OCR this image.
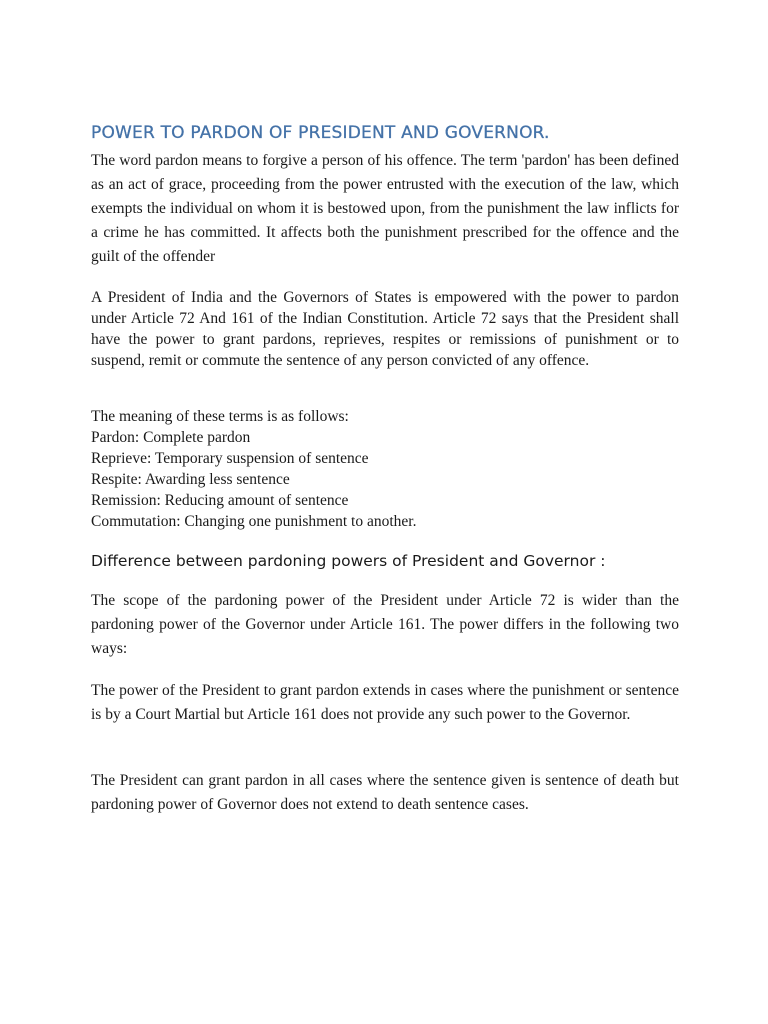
POWER TO PARDON OF PRESIDENT AND GOVERNOR.

The word pardon means to forgive a person of his offence. The term 'pardon' has been defined as an act of grace, proceeding from the power entrusted with the execution of the law, which exempts the individual on whom it is bestowed upon, from the punishment the law inflicts for a crime he has committed. It affects both the punishment prescribed for the offence and the guilt of the offender

A President of India and the Governors of States is empowered with the power to pardon under Article 72 And 161 of the Indian Constitution. Article 72 says that the President shall have the power to grant pardons, reprieves, respites or remissions of punishment or to suspend, remit or commute the sentence of any person convicted of any offence.

The meaning of these terms is as follows:
Pardon: Complete pardon
Reprieve: Temporary suspension of sentence
Respite: Awarding less sentence
Remission: Reducing amount of sentence
Commutation: Changing one punishment to another.
Difference between pardoning powers of President and Governor :

The scope of the pardoning power of the President under Article 72 is wider than the pardoning power of the Governor under Article 161. The power differs in the following two ways:

The power of the President to grant pardon extends in cases where the punishment or sentence is by a Court Martial but Article 161 does not provide any such power to the Governor.

The President can grant pardon in all cases where the sentence given is sentence of death but pardoning power of Governor does not extend to death sentence cases.
